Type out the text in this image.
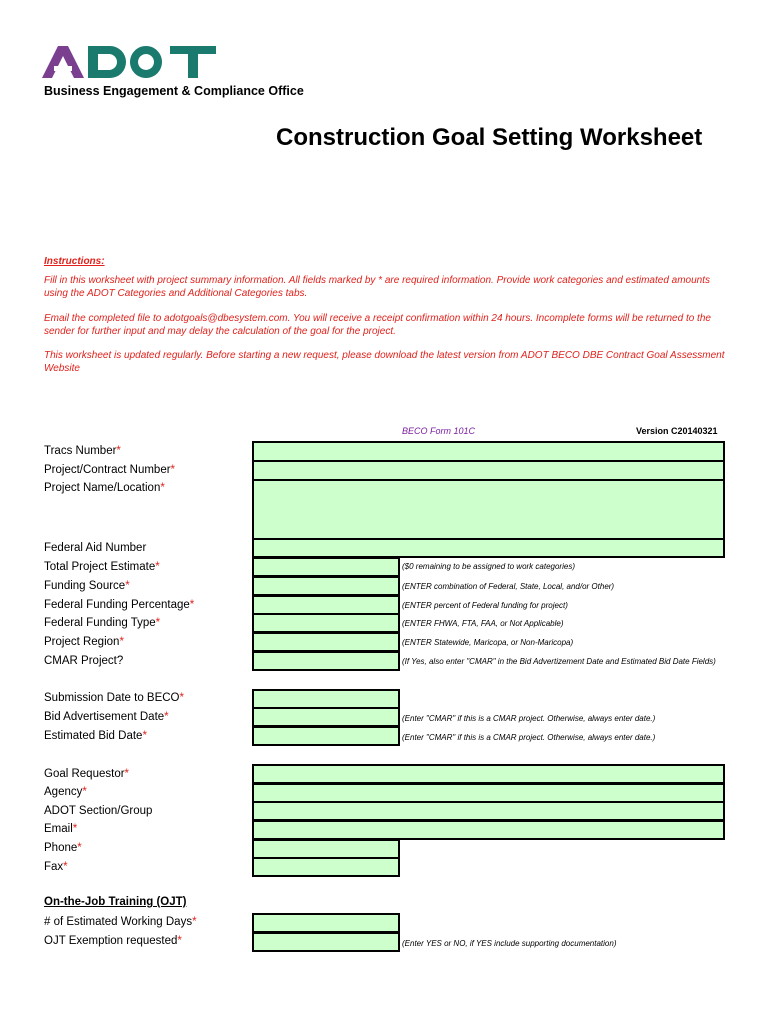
Business Engagement & Compliance Office
Construction Goal Setting Worksheet
Instructions:
Fill in this worksheet with project summary information. All fields marked by * are required information. Provide work categories and estimated amounts using the ADOT Categories and Additional Categories tabs.
Email the completed file to adotgoals@dbesystem.com. You will receive a receipt confirmation within 24 hours. Incomplete forms will be returned to the sender for further input and may delay the calculation of the goal for the project.
This worksheet is updated regularly. Before starting a new request, please download the latest version from ADOT BECO DBE Contract Goal Assessment Website
BECO Form 101C	Version C20140321
Tracs Number*
Project/Contract Number*
Project Name/Location*
Federal Aid Number
Total Project Estimate*
Funding Source*
Federal Funding Percentage*
Federal Funding Type*
Project Region*
CMAR Project?
($0 remaining to be assigned to work categories)
(ENTER combination of Federal, State, Local, and/or Other)
(ENTER percent of Federal funding for project)
(ENTER FHWA, FTA, FAA, or Not Applicable)
(ENTER Statewide, Maricopa, or Non-Maricopa)
(If Yes, also enter "CMAR" in the Bid Advertizement Date and Estimated Bid Date Fields)
Submission Date to BECO*
Bid Advertisement Date*
Estimated Bid Date*
(Enter "CMAR" if this is a CMAR project. Otherwise, always enter date.)
(Enter "CMAR" if this is a CMAR project. Otherwise, always enter date.)
Goal Requestor*
Agency*
ADOT Section/Group
Email*
Phone*
Fax*
On-the-Job Training (OJT)
# of Estimated Working Days*
OJT Exemption requested*	(Enter YES or NO, if YES include supporting documentation)
